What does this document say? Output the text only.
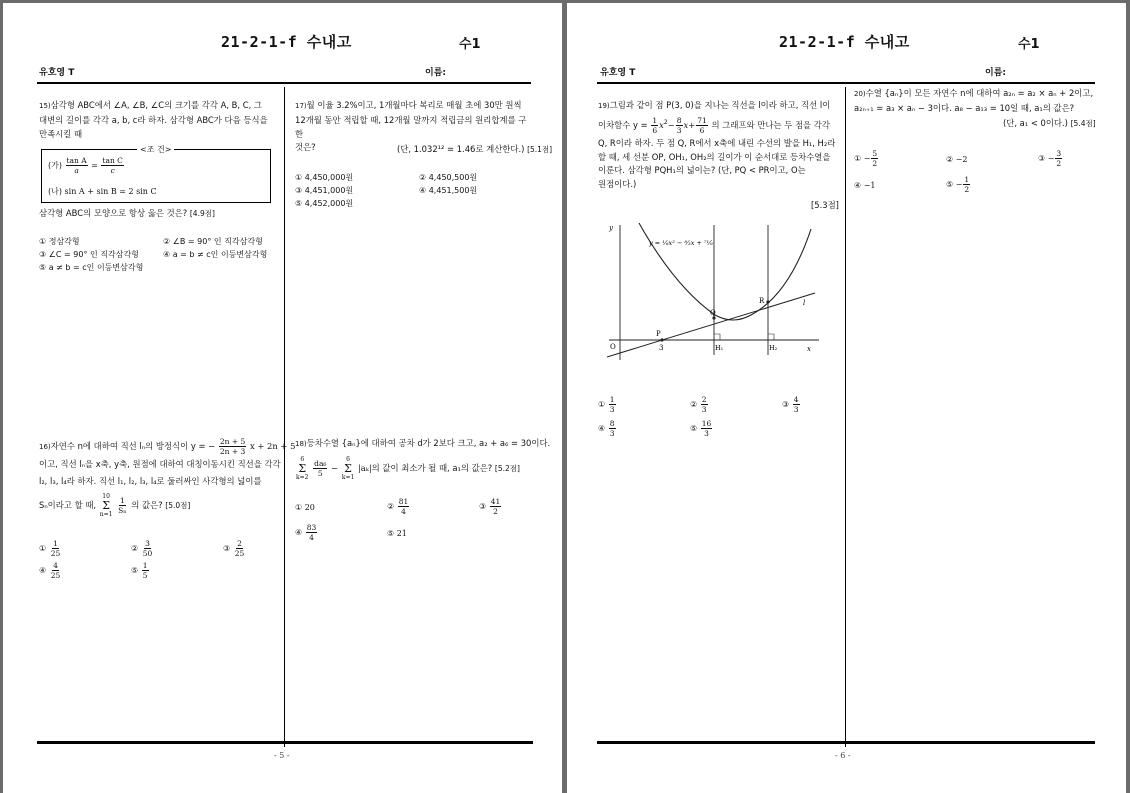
21-2-1-f 수내고	수1
유호영 T	이름:
15)삼각형 ABC에서 ∠A, ∠B, ∠C의 크기를 각각 A, B, C, 그
대변의 길이를 각각 a, b, c라 하자. 삼각형 ABC가 다음 등식을
만족시킬 때
(가) $\frac{\text{tan A}}{a} = \frac{\text{tan C}}{c}$
(나) sin A + sin B = 2 sin C
<조 건>
삼각형 ABC의 모양으로 항상 옳은 것은? [4.9점]
① 정삼각형	② ∠B = 90° 인 직각삼각형
③ ∠C = 90° 인 직각삼각형	④ a = b ≠ c인 이등변삼각형
⑤ a ≠ b = c인 이등변삼각형
16)자연수 n에 대하여 직선 lₙ의 방정식이 y = − $\frac{2n + 5}{2n + 3}$ x + 2n + 5
이고, 직선 lₙ을 x축, y축, 원점에 대하여 대칭이동시킨 직선을 각각
l₂, l₃, l₄라 하자. 직선 l₁, l₂, l₃, l₄로 둘러싸인 사각형의 넓이를
Sₙ이라고 할 때,
10
Σ
n=1
$\frac{1}{\text{Sₙ}}$ 의 값은? [5.0점]
① $\frac{1}{25}$	② $\frac{3}{50}$	③ $\frac{2}{25}$
④ $\frac{4}{25}$	⑤ $\frac{1}{5}$
17)월 이율 3.2%이고, 1개월마다 복리로 매월 초에 30만 원씩
12개월 동안 적립할 때, 12개월 말까지 적립금의 원리합계를 구한
것은?	(단, 1.032¹² = 1.46로 계산한다.) [5.1점]
① 4,450,000원	② 4,450,500원
③ 4,451,000원	④ 4,451,500원
⑤ 4,452,000원
18)등차수열 {aₙ}에 대하여 공차 d가 2보다 크고, a₂ + a₆ = 30이다.
6
Σ
k=2
$\frac{\text{da₆}}{5}$ −
6
Σ
k=1
|aₖ|의 값이 최소가 될 때, a₁의 값은? [5.2점]
① 20	② $\frac{81}{4}$	③ $\frac{41}{2}$
④ $\frac{83}{4}$	⑤ 21
- 5 -
21-2-1-f 수내고	수1
유호영 T	이름:
19)그림과 같이 점 P(3, 0)을 지나는 직선을 l이라 하고, 직선 l이
이차함수 $y = \frac{1}{6} x^2- \frac{8}{3} x+ \frac{71}{6}$ 의 그래프와 만나는 두 점을 각각
Q, R이라 하자. 두 점 Q, R에서 x축에 내린 수선의 발을 H₁, H₂라
할 때, 세 선분 OP, OH₁, OH₂의 길이가 이 순서대로 등차수열을
이룬다. 삼각형 PQH₁의 넓이는? (단, PQ < PR이고, O는
원점이다.)
[5.3점]
y = ¹⁄₆x² − ⁸⁄₃x + ⁷¹⁄₆
y
x
O
P
3
Q
R	l
H₁	H₂
① $\frac{1}{3}$	② $\frac{2}{3}$	③ $\frac{4}{3}$
④ $\frac{8}{3}$	⑤ $\frac{16}{3}$
20)수열 {aₙ}이 모든 자연수 n에 대하여 a₂ₙ = a₂ × aₙ + 2이고,
a₂ₙ₊₁ = a₃ × aₙ − 3이다. a₈ − a₁₃ = 10일 때, a₁의 값은?
(단, a₁ < 0이다.) [5.4점]
① − $\frac{5}{2}$	② −2	③ − $\frac{3}{2}$
④ −1	⑤ − $\frac{1}{2}$
- 6 -
